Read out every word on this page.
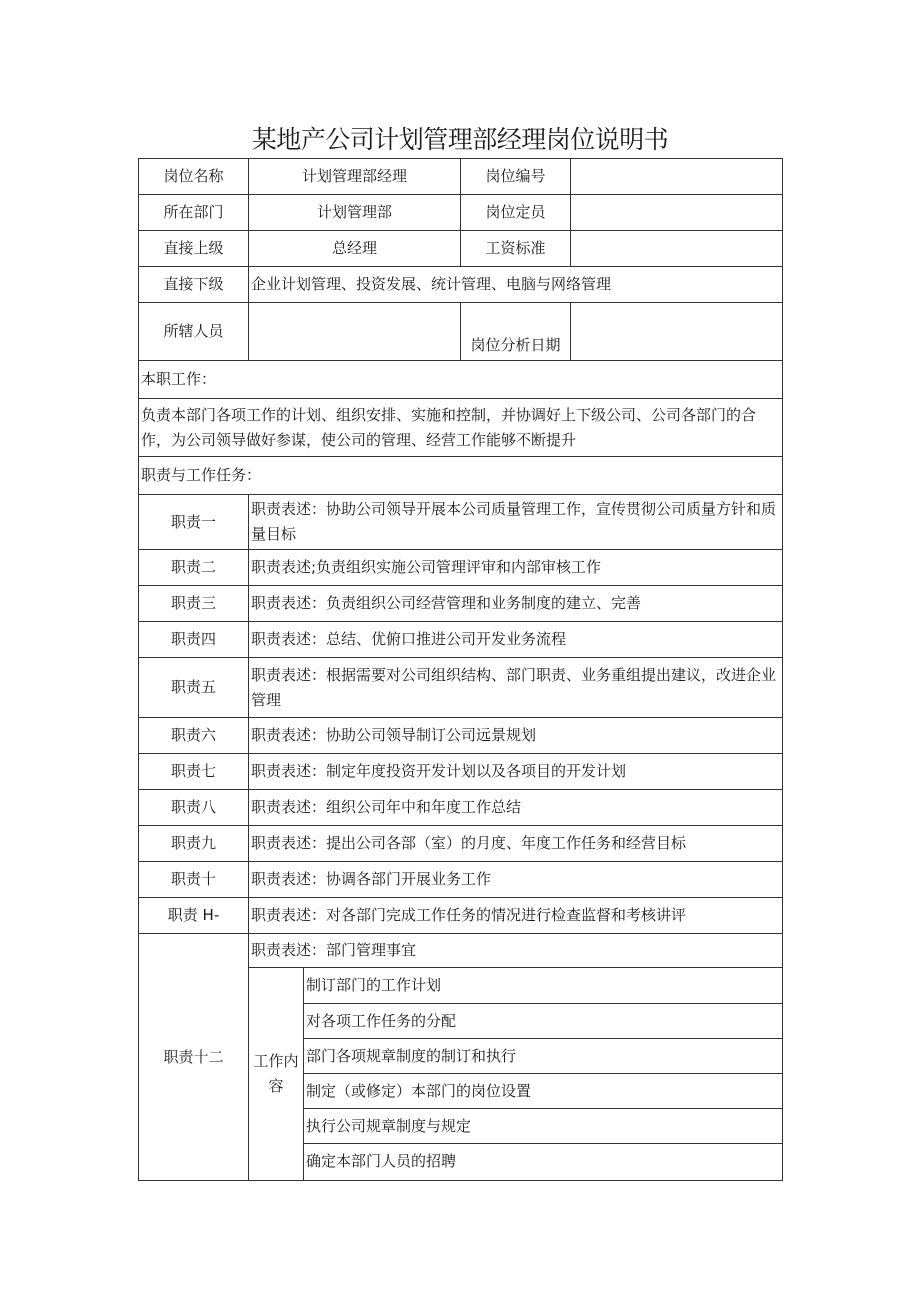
某地产公司计划管理部经理岗位说明书
岗位名称	计划管理部经理	岗位编号	
所在部门	计划管理部	岗位定员	
直接上级	总经理	工资标准	
直接下级	企业计划管理、投资发展、统计管理、电脑与网络管理
所辖人员		岗位分析日期	
本职工作：
负责本部门各项工作的计划、组织安排、实施和控制，并协调好上下级公司、公司各部门的合作，为公司领导做好参谋，使公司的管理、经营工作能够不断提升
职责与工作任务：
职责一	职责表述：协助公司领导开展本公司质量管理工作，宣传贯彻公司质量方针和质量目标
职责二	职责表述;负责组织实施公司管理评审和内部审核工作
职责三	职责表述：负责组织公司经营管理和业务制度的建立、完善
职责四	职责表述：总结、优俯口推进公司开发业务流程
职责五	职责表述：根据需要对公司组织结构、部门职责、业务重组提出建议，改进企业管理
职责六	职责表述：协助公司领导制订公司远景规划
职责七	职责表述：制定年度投资开发计划以及各项目的开发计划
职责八	职责表述：组织公司年中和年度工作总结
职责九	职责表述：提出公司各部（室）的月度、年度工作任务和经营目标
职责十	职责表述：协调各部门开展业务工作
职责 H-	职责表述：对各部门完成工作任务的情况进行检查监督和考核讲评
职责十二	职责表述：部门管理事宜
工作内容	
制订部门的工作计划
对各项工作任务的分配
部门各项规章制度的制订和执行
制定（或修定）本部门的岗位设置
执行公司规章制度与规定
确定本部门人员的招聘
